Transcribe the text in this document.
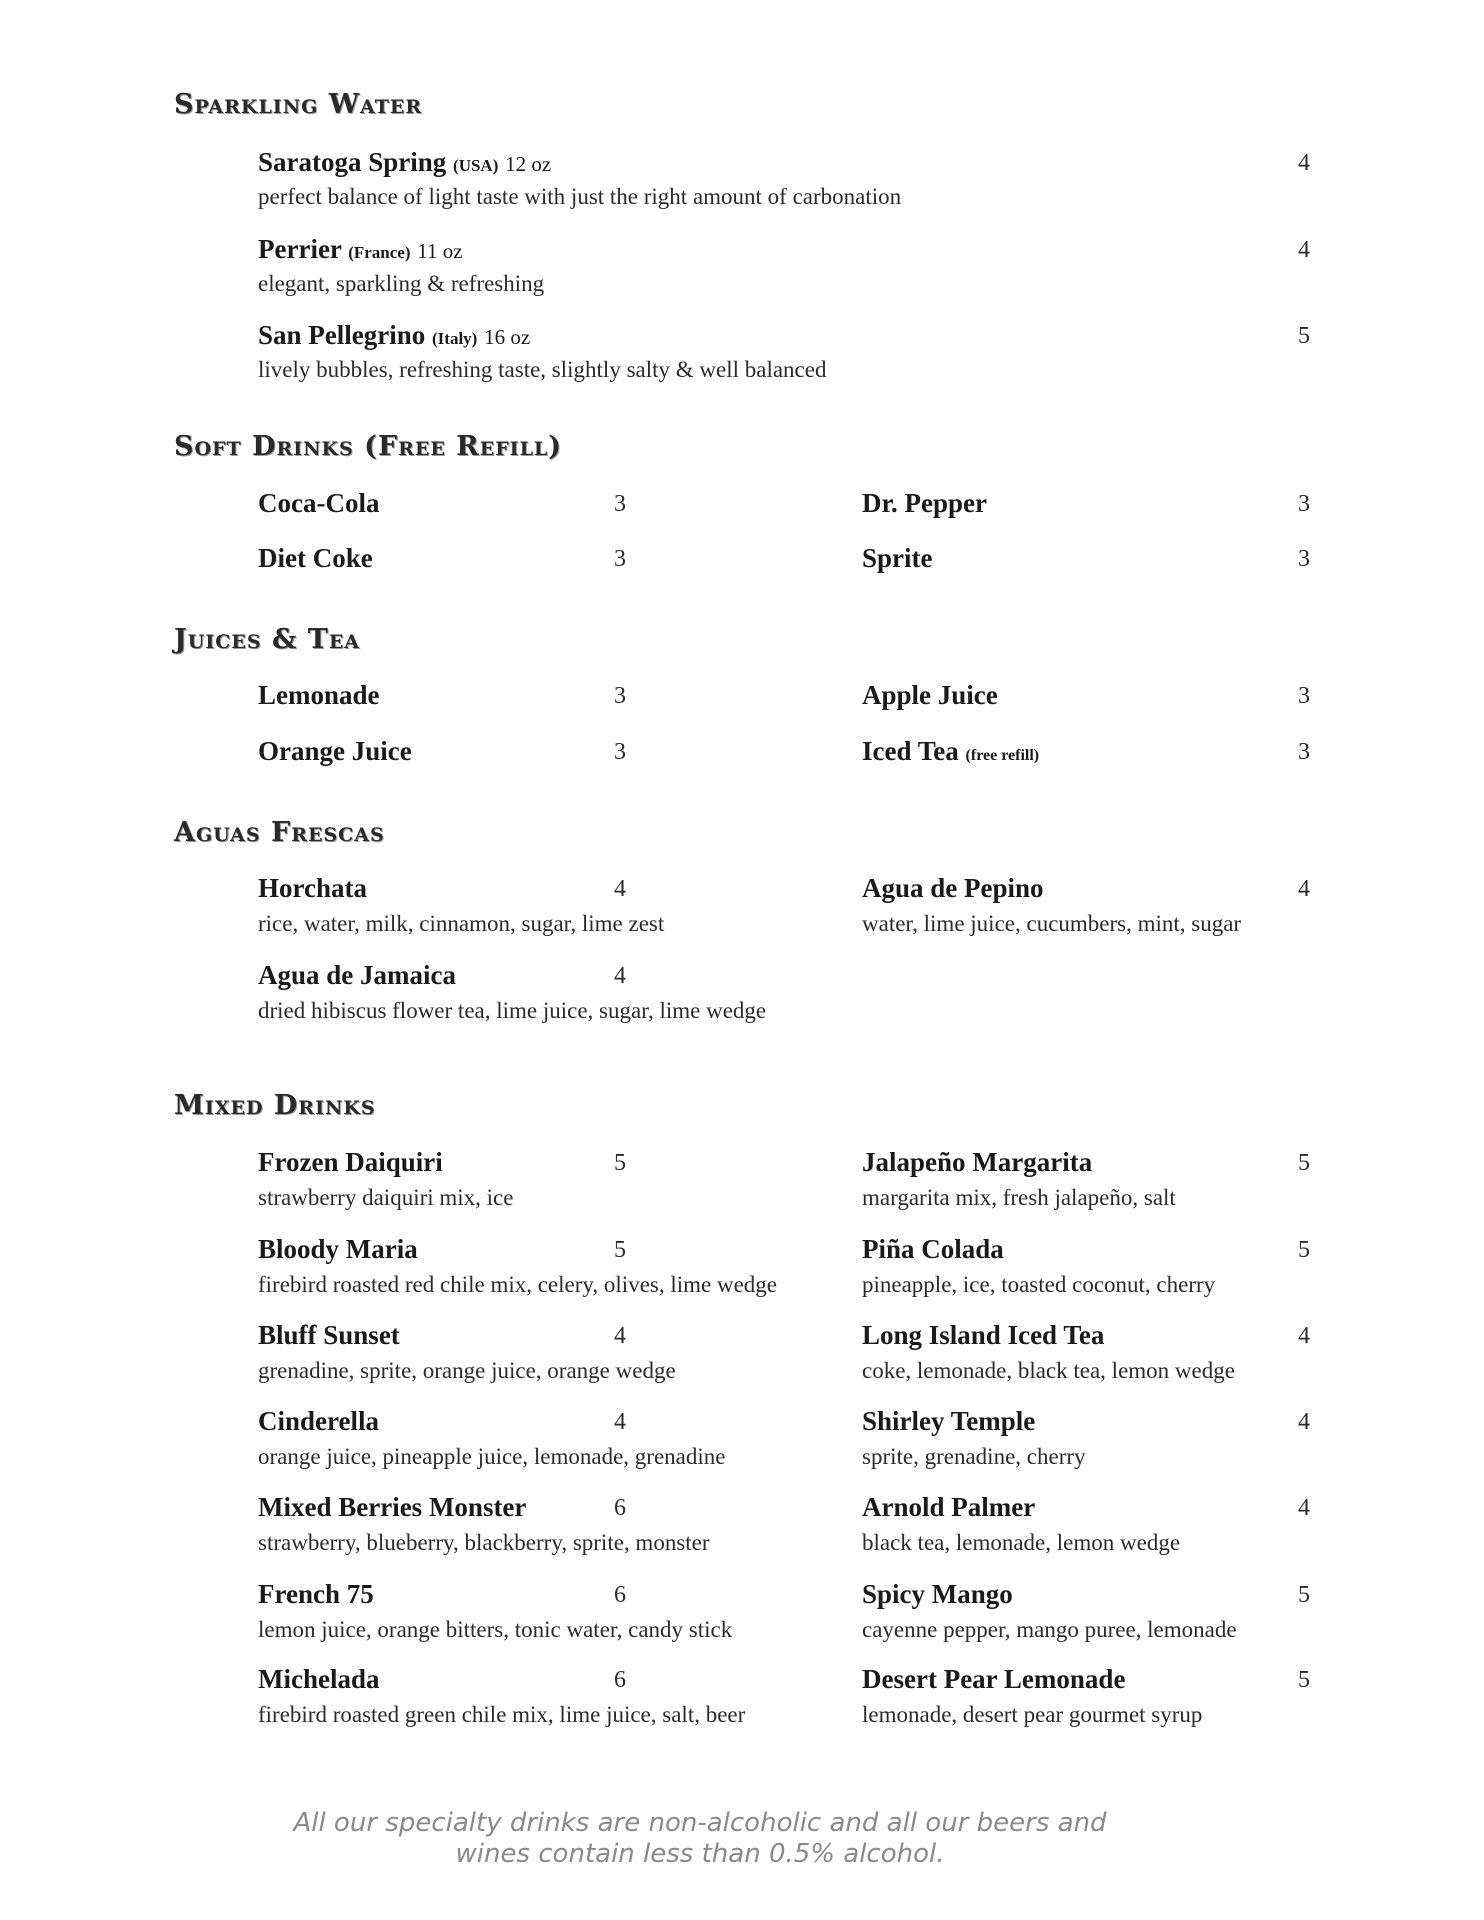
Sparkling Water
Saratoga Spring (USA) 12 oz	4
perfect balance of light taste with just the right amount of carbonation
Perrier (France) 11 oz	4
elegant, sparkling & refreshing
San Pellegrino (Italy) 16 oz	5
lively bubbles, refreshing taste, slightly salty & well balanced
Soft Drinks (Free Refill)
Coca-Cola	3	Dr. Pepper	3
Diet Coke	3	Sprite	3
Juices & Tea
Lemonade	3	Apple Juice	3
Orange Juice	3	Iced Tea (free refill)	3
Aguas Frescas
Horchata	4
rice, water, milk, cinnamon, sugar, lime zest
Agua de Pepino	4
water, lime juice, cucumbers, mint, sugar
Agua de Jamaica	4
dried hibiscus flower tea, lime juice, sugar, lime wedge
Mixed Drinks
Frozen Daiquiri	5
strawberry daiquiri mix, ice
Jalapeño Margarita	5
margarita mix, fresh jalapeño, salt
Bloody Maria	5
firebird roasted red chile mix, celery, olives, lime wedge
Piña Colada	5
pineapple, ice, toasted coconut, cherry
Bluff Sunset	4
grenadine, sprite, orange juice, orange wedge
Long Island Iced Tea	4
coke, lemonade, black tea, lemon wedge
Cinderella	4
orange juice, pineapple juice, lemonade, grenadine
Shirley Temple	4
sprite, grenadine, cherry
Mixed Berries Monster	6
strawberry, blueberry, blackberry, sprite, monster
Arnold Palmer	4
black tea, lemonade, lemon wedge
French 75	6
lemon juice, orange bitters, tonic water, candy stick
Spicy Mango	5
cayenne pepper, mango puree, lemonade
Michelada	6
firebird roasted green chile mix, lime juice, salt, beer
Desert Pear Lemonade	5
lemonade, desert pear gourmet syrup
All our specialty drinks are non-alcoholic and all our beers and
wines contain less than 0.5% alcohol.
